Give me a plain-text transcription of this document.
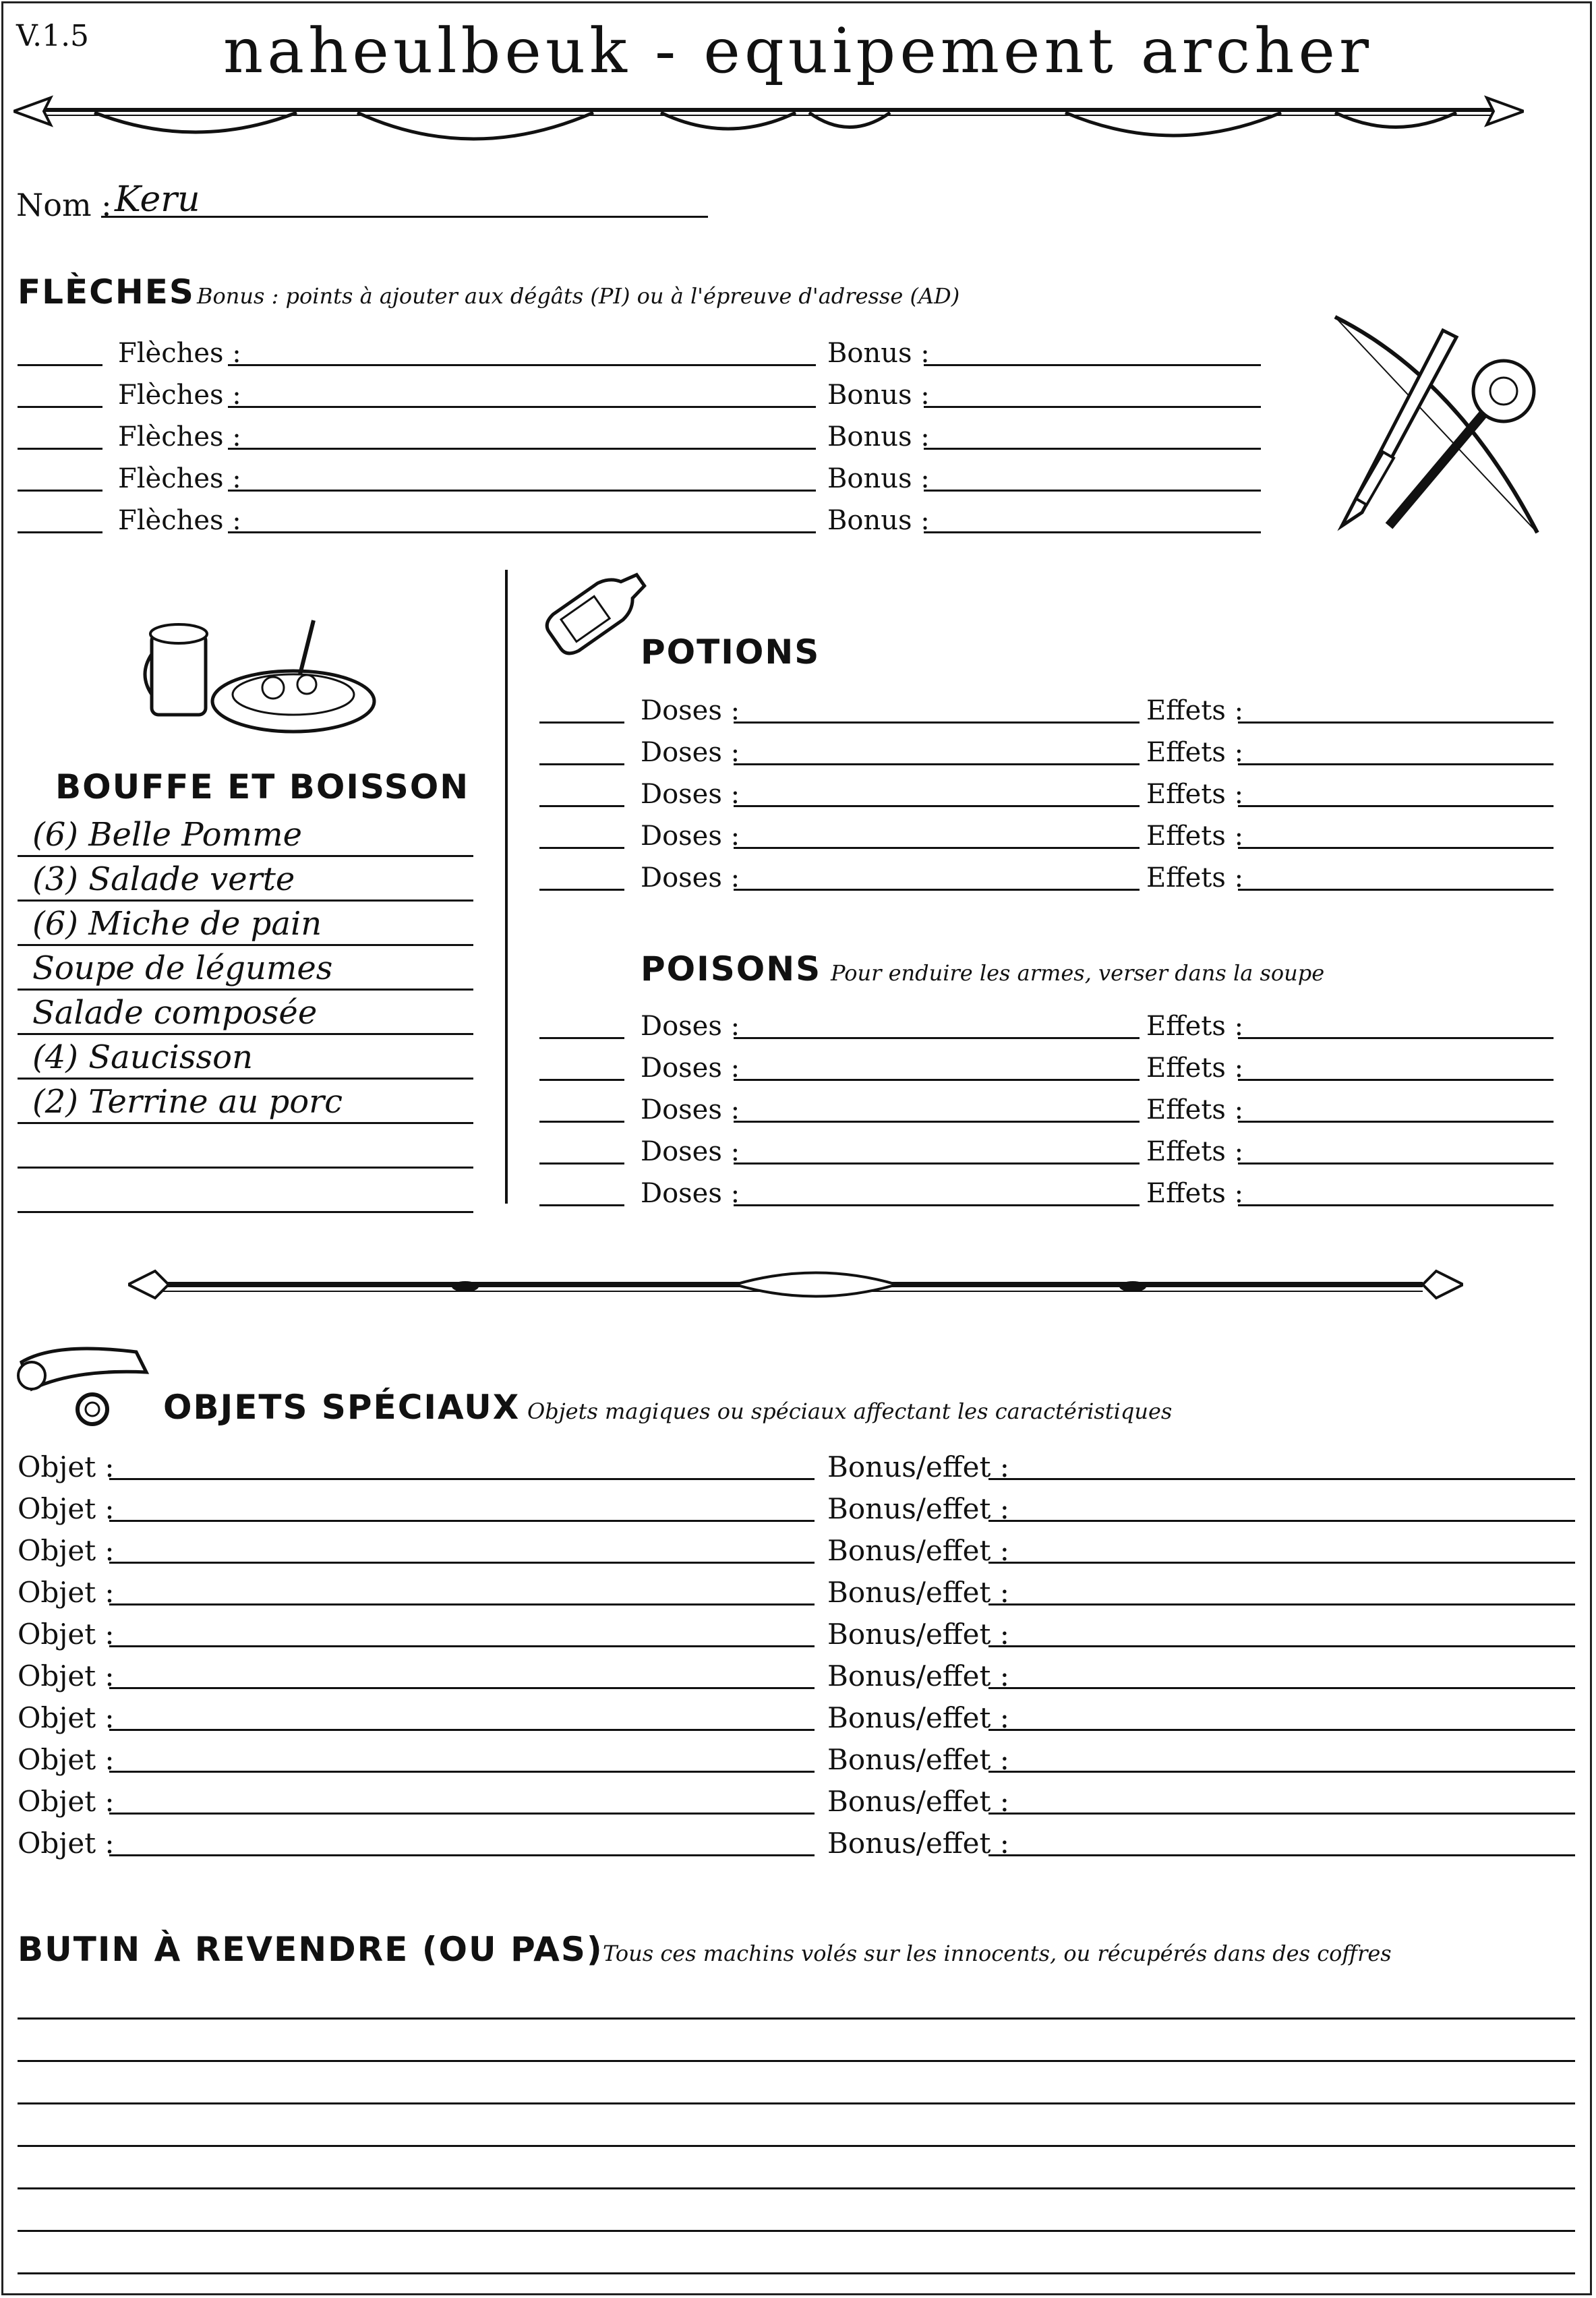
V.1.5	naheulbeuk - equipement archer
Nom : Keru
FLÈCHES Bonus : points à ajouter aux dégâts (PI) ou à l'épreuve d'adresse (AD)
Flèches :	Bonus :
Flèches :	Bonus :
Flèches :	Bonus :
Flèches :	Bonus :
Flèches :	Bonus :
BOUFFE ET BOISSON
(6) Belle Pomme
(3) Salade verte
(6) Miche de pain
Soupe de légumes
Salade composée
(4) Saucisson
(2) Terrine au porc
POTIONS
Doses :	Effets :
Doses :	Effets :
Doses :	Effets :
Doses :	Effets :
Doses :	Effets :
POISONS Pour enduire les armes, verser dans la soupe
Doses :	Effets :
Doses :	Effets :
Doses :	Effets :
Doses :	Effets :
Doses :	Effets :
OBJETS SPÉCIAUX Objets magiques ou spéciaux affectant les caractéristiques
Objet :	Bonus/effet :
Objet :	Bonus/effet :
Objet :	Bonus/effet :
Objet :	Bonus/effet :
Objet :	Bonus/effet :
Objet :	Bonus/effet :
Objet :	Bonus/effet :
Objet :	Bonus/effet :
Objet :	Bonus/effet :
Objet :	Bonus/effet :
BUTIN À REVENDRE (OU PAS) Tous ces machins volés sur les innocents, ou récupérés dans des coffres
